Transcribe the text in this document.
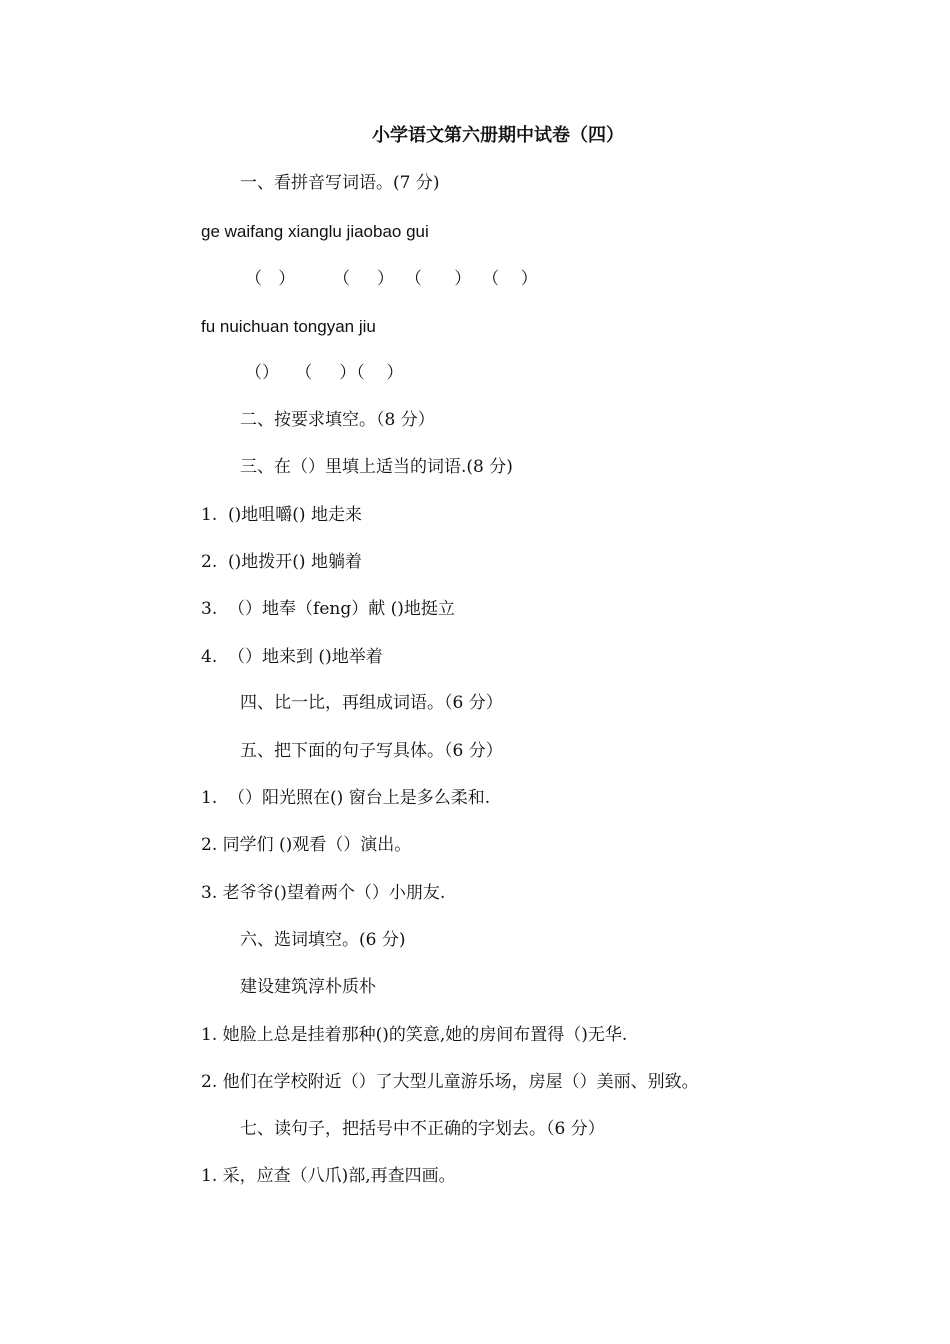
小学语文第六册期中试卷（四）
一、看拼音写词语。(7 分)
ge waifang xianglu jiaobao gui
（   ）       （     ）  （      ）  （    ）
fu nuichuan tongyan jiu
（）   （     ）（    ）
二、按要求填空。（8 分）
三、在（）里填上适当的词语.(8 分)
1.  ()地咀嚼() 地走来
2.  ()地拨开() 地躺着
3.  （）地奉（feng）献 ()地挺立
4.  （）地来到 ()地举着
四、比一比，再组成词语。（6 分）
五、把下面的句子写具体。（6 分）
1.  （）阳光照在() 窗台上是多么柔和.
2. 同学们 ()观看（）演出。
3. 老爷爷()望着两个（）小朋友.
六、选词填空。(6 分)
建设建筑淳朴质朴
1. 她脸上总是挂着那种()的笑意,她的房间布置得（)无华.
2. 他们在学校附近（）了大型儿童游乐场，房屋（）美丽、别致。
七、读句子，把括号中不正确的字划去。（6 分）
1. 采，应查（八爪)部,再查四画。
